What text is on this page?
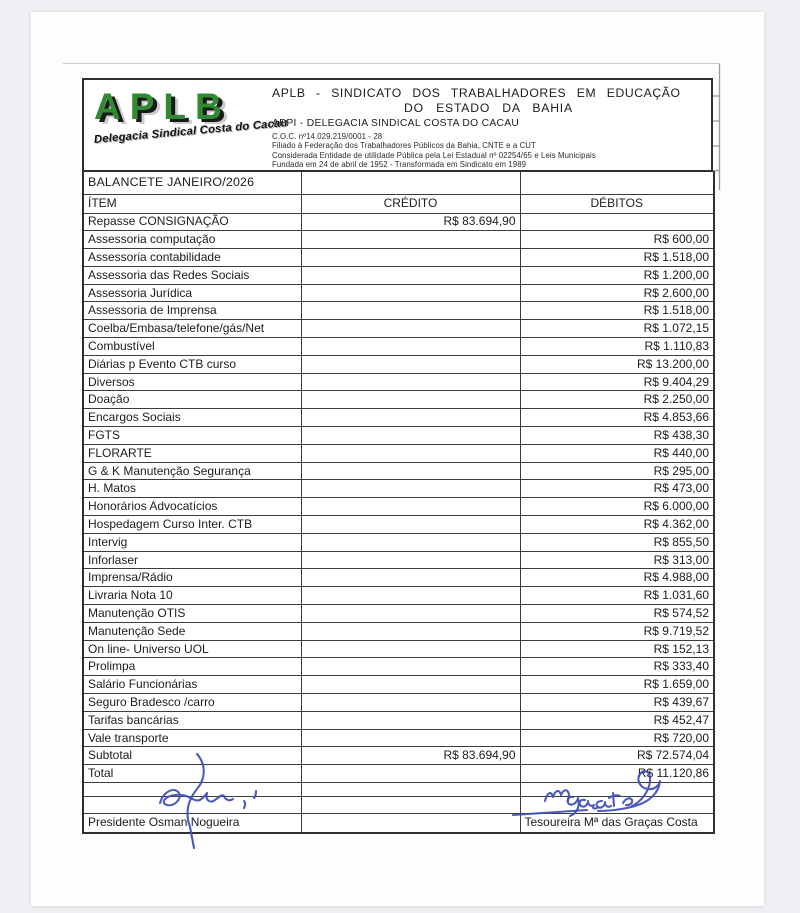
APLB
Delegacia Sindical Costa do Cacau
APLB - SINDICATO DOS TRABALHADORES EM EDUCAÇÃO
DO ESTADO DA BAHIA
APPI - DELEGACIA SINDICAL COSTA DO CACAU
C.O.C. nº14.029.219/0001 - 28
Filiado à Federação dos Trabalhadores Públicos da Bahia, CNTE e a CUT
Considerada Entidade de utilidade Pública pela Lei Estadual nº 02254/65 e Leis Municipais
Fundada em 24 de abril de 1952 - Transformada em Sindicato em 1989
BALANCETE JANEIRO/2026		
ÍTEM	CRÉDITO	DÉBITOS
Repasse CONSIGNAÇÃO	R$ 83.694,90	
Assessoria computação		R$ 600,00
Assessoria contabilidade		R$ 1.518,00
Assessoria das Redes Sociais		R$ 1.200,00
Assessoria Jurídica		R$ 2.600,00
Assessoria de Imprensa		R$ 1.518,00
Coelba/Embasa/telefone/gás/Net		R$ 1.072,15
Combustível		R$ 1.110,83
Diárias p Evento CTB curso		R$ 13.200,00
Diversos		R$ 9.404,29
Doação		R$ 2.250,00
Encargos Sociais		R$ 4.853,66
FGTS		R$ 438,30
FLORARTE		R$ 440,00
G & K Manutenção Segurança		R$ 295,00
H. Matos		R$ 473,00
Honorários Advocatícios		R$ 6.000,00
Hospedagem Curso Inter. CTB		R$ 4.362,00
Intervig		R$ 855,50
Inforlaser		R$ 313,00
Imprensa/Rádio		R$ 4.988,00
Livraria Nota 10		R$ 1.031,60
Manutenção OTIS		R$ 574,52
Manutenção Sede		R$ 9.719,52
On line- Universo UOL		R$ 152,13
Prolimpa		R$ 333,40
Salário Funcionárias		R$ 1.659,00
Seguro Bradesco /carro		R$ 439,67
Tarifas bancárias		R$ 452,47
Vale transporte		R$ 720,00
Subtotal	R$ 83.694,90	R$ 72.574,04
Total		R$ 11.120,86

Presidente Osman Nogueira		Tesoureira Mª das Graças Costa
